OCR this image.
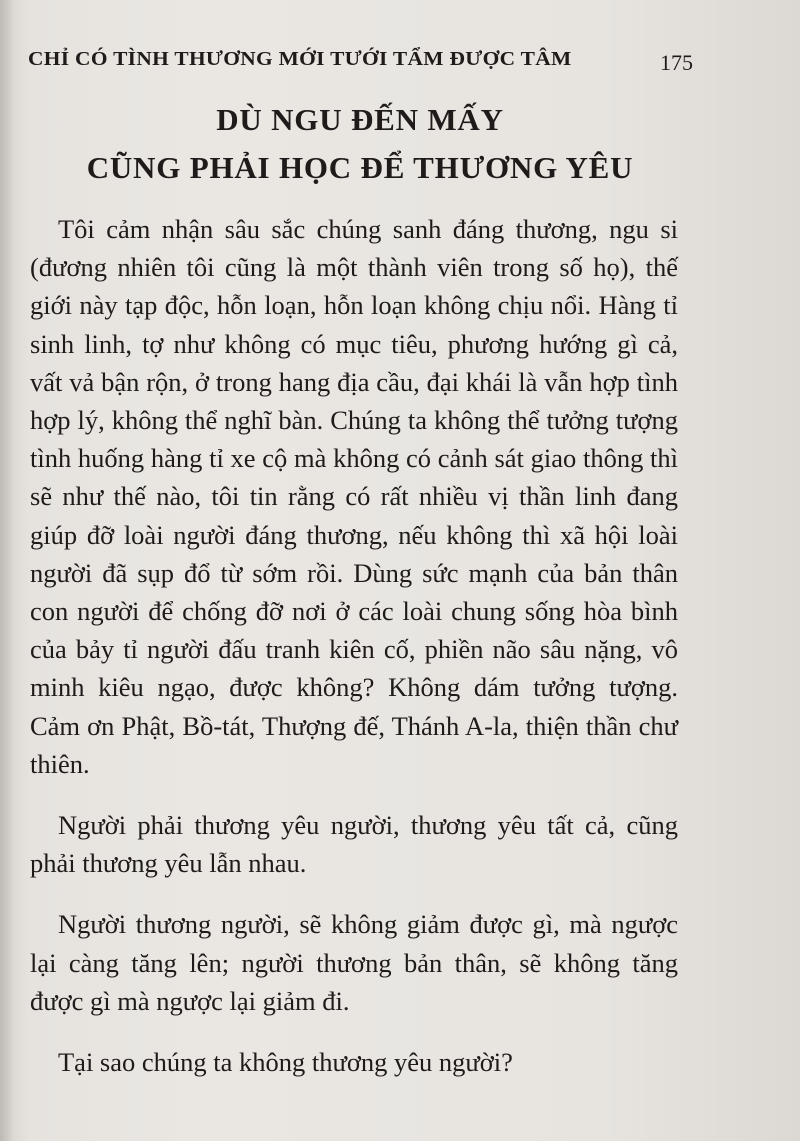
CHỈ CÓ TÌNH THƯƠNG MỚI TƯỚI TẨM ĐƯỢC TÂM	175
DÙ NGU ĐẾN MẤY
CŨNG PHẢI HỌC ĐỂ THƯƠNG YÊU

Tôi cảm nhận sâu sắc chúng sanh đáng thương, ngu si (đương nhiên tôi cũng là một thành viên trong số họ), thế giới này tạp độc, hỗn loạn, hỗn loạn không chịu nổi. Hàng tỉ sinh linh, tợ như không có mục tiêu, phương hướng gì cả, vất vả bận rộn, ở trong hang địa cầu, đại khái là vẫn hợp tình hợp lý, không thể nghĩ bàn. Chúng ta không thể tưởng tượng tình huống hàng tỉ xe cộ mà không có cảnh sát giao thông thì sẽ như thế nào, tôi tin rằng có rất nhiều vị thần linh đang giúp đỡ loài người đáng thương, nếu không thì xã hội loài người đã sụp đổ từ sớm rồi. Dùng sức mạnh của bản thân con người để chống đỡ nơi ở các loài chung sống hòa bình của bảy tỉ người đấu tranh kiên cố, phiền não sâu nặng, vô minh kiêu ngạo, được không? Không dám tưởng tượng. Cảm ơn Phật, Bồ-tát, Thượng đế, Thánh A-la, thiện thần chư thiên.

Người phải thương yêu người, thương yêu tất cả, cũng phải thương yêu lẫn nhau.

Người thương người, sẽ không giảm được gì, mà ngược lại càng tăng lên; người thương bản thân, sẽ không tăng được gì mà ngược lại giảm đi.

Tại sao chúng ta không thương yêu người?
